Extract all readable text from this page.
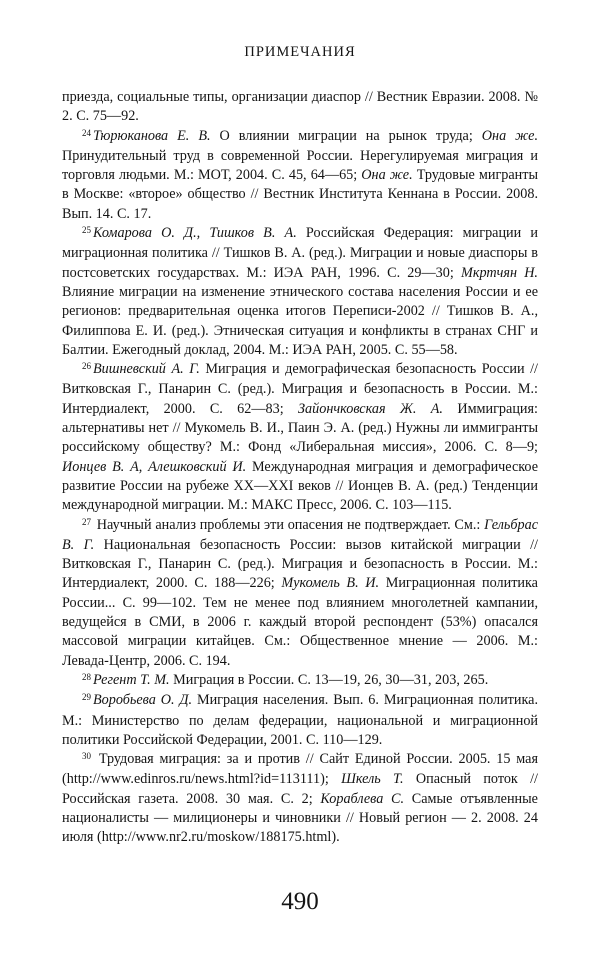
ПРИМЕЧАНИЯ

приезда, социальные типы, организации диаспор // Вестник Евразии. 2008. № 2. С. 75—92.

$^{24}$ Тюрюканова Е. В. О влиянии миграции на рынок труда; Она же. Принудительный труд в современной России. Нерегулируемая миграция и торговля людьми. М.: МОТ, 2004. С. 45, 64—65; Она же. Трудовые мигранты в Москве: «второе» общество // Вестник Института Кеннана в России. 2008. Вып. 14. С. 17.

$^{25}$ Комарова О. Д., Тишков В. А. Российская Федерация: миграции и миграционная политика // Тишков В. А. (ред.). Миграции и новые диаспоры в постсоветских государствах. М.: ИЭА РАН, 1996. С. 29—30; Мкртчян Н. Влияние миграции на изменение этнического состава населения России и ее регионов: предварительная оценка итогов Переписи-2002 // Тишков В. А., Филиппова Е. И. (ред.). Этническая ситуация и конфликты в странах СНГ и Балтии. Ежегодный доклад, 2004. М.: ИЭА РАН, 2005. С. 55—58.

$^{26}$ Вишневский А. Г. Миграция и демографическая безопасность России // Витковская Г., Панарин С. (ред.). Миграция и безопасность в России. М.: Интердиалект, 2000. С. 62—83; Зайончковская Ж. А. Иммиграция: альтернативы нет // Мукомель В. И., Паин Э. А. (ред.) Нужны ли иммигранты российскому обществу? М.: Фонд «Либеральная миссия», 2006. С. 8—9; Ионцев В. А, Алешковский И. Международная миграция и демографическое развитие России на рубеже XX—XXI веков // Ионцев В. А. (ред.) Тенденции международной миграции. М.: МАКС Пресс, 2006. С. 103—115.

$^{27}$ Научный анализ проблемы эти опасения не подтверждает. См.: Гельбрас В. Г. Национальная безопасность России: вызов китайской миграции // Витковская Г., Панарин С. (ред.). Миграция и безопасность в России. М.: Интердиалект, 2000. С. 188—226; Мукомель В. И. Миграционная политика России... С. 99—102. Тем не менее под влиянием многолетней кампании, ведущейся в СМИ, в 2006 г. каждый второй респондент (53%) опасался массовой миграции китайцев. См.: Общественное мнение — 2006. М.: Левада-Центр, 2006. С. 194.

$^{28}$ Регент Т. М. Миграция в России. С. 13—19, 26, 30—31, 203, 265.

$^{29}$ Воробьева О. Д. Миграция населения. Вып. 6. Миграционная политика. М.: Министерство по делам федерации, национальной и миграционной политики Российской Федерации, 2001. С. 110—129.

$^{30}$ Трудовая миграция: за и против // Сайт Единой России. 2005. 15 мая (http://www.edinros.ru/news.html?id=113111); Шкель Т. Опасный поток // Российская газета. 2008. 30 мая. С. 2; Кораблева С. Самые отъявленные националисты — милиционеры и чиновники // Новый регион — 2. 2008. 24 июля (http://www.nr2.ru/moskow/188175.html).

490
